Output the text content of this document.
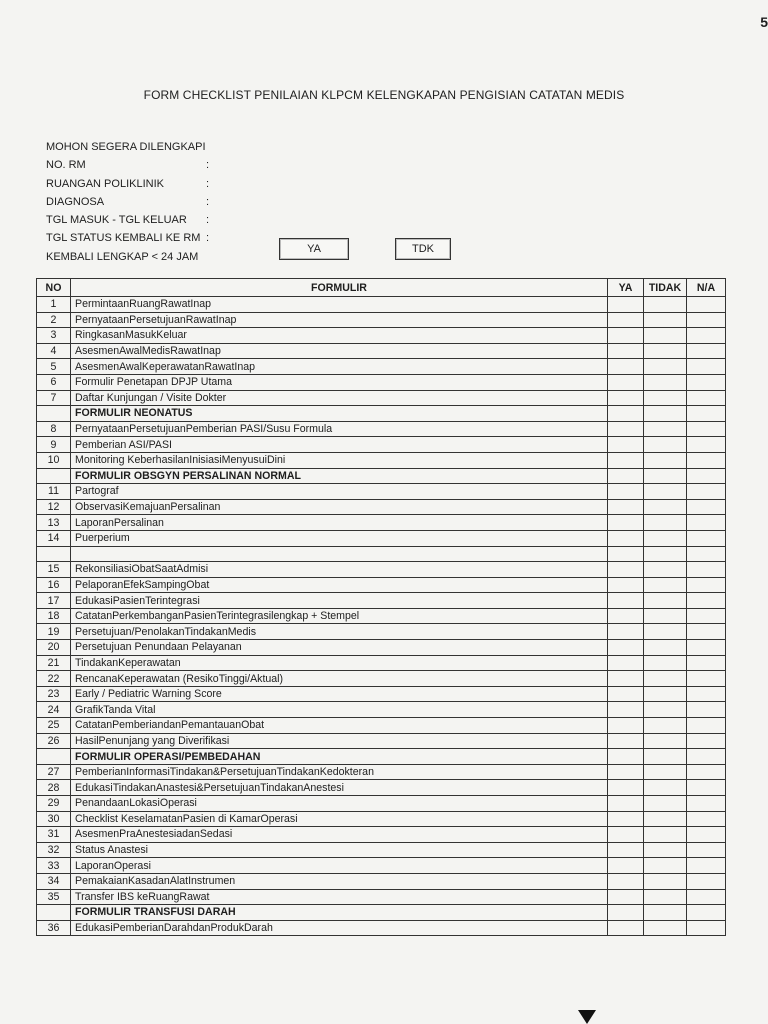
5
FORM CHECKLIST PENILAIAN KLPCM KELENGKAPAN PENGISIAN CATATAN MEDIS
MOHON SEGERA DILENGKAPI
NO. RM	:
RUANGAN POLIKLINIK	:
DIAGNOSA	:
TGL MASUK - TGL KELUAR :
TGL STATUS KEMBALI KE RM :
KEMBALI LENGKAP < 24 JAM
YA	TDK
NO	FORMULIR	YA	TIDAK	N/A
1	PermintaanRuangRawatInap			
2	PernyataanPersetujuanRawatInap			
3	RingkasanMasukKeluar			
4	AsesmenAwalMedisRawatInap			
5	AsesmenAwalKeperawatanRawatInap			
6	Formulir Penetapan DPJP Utama			
7	Daftar Kunjungan / Visite Dokter			
	FORMULIR NEONATUS			
8	PernyataanPersetujuanPemberian PASI/Susu Formula			
9	Pemberian ASI/PASI			
10	Monitoring KeberhasilanInisiasiMenyusuiDini			
	FORMULIR OBSGYN PERSALINAN NORMAL			
11	Partograf			
12	ObservasiKemajuanPersalinan			
13	LaporanPersalinan			
14	Puerperium			

15	RekonsiliasiObatSaatAdmisi			
16	PelaporanEfekSampingObat			
17	EdukasiPasienTerintegrasi			
18	CatatanPerkembanganPasienTerintegrasilengkap + Stempel			
19	Persetujuan/PenolakanTindakanMedis			
20	Persetujuan Penundaan Pelayanan			
21	TindakanKeperawatan			
22	RencanaKeperawatan (ResikoTinggi/Aktual)			
23	Early / Pediatric Warning Score			
24	GrafikTanda Vital			
25	CatatanPemberiandanPemantauanObat			
26	HasilPenunjang yang Diverifikasi			
	FORMULIR OPERASI/PEMBEDAHAN			
27	PemberianInformasiTindakan&PersetujuanTindakanKedokteran			
28	EdukasiTindakanAnastesi&PersetujuanTindakanAnestesi			
29	PenandaanLokasiOperasi			
30	Checklist KeselamatanPasien di KamarOperasi			
31	AsesmenPraAnestesiadanSedasi			
32	Status Anastesi			
33	LaporanOperasi			
34	PemakaianKasadanAlatInstrumen			
35	Transfer IBS keRuangRawat			
	FORMULIR TRANSFUSI DARAH			
36	EdukasiPemberianDarahdanProdukDarah			
